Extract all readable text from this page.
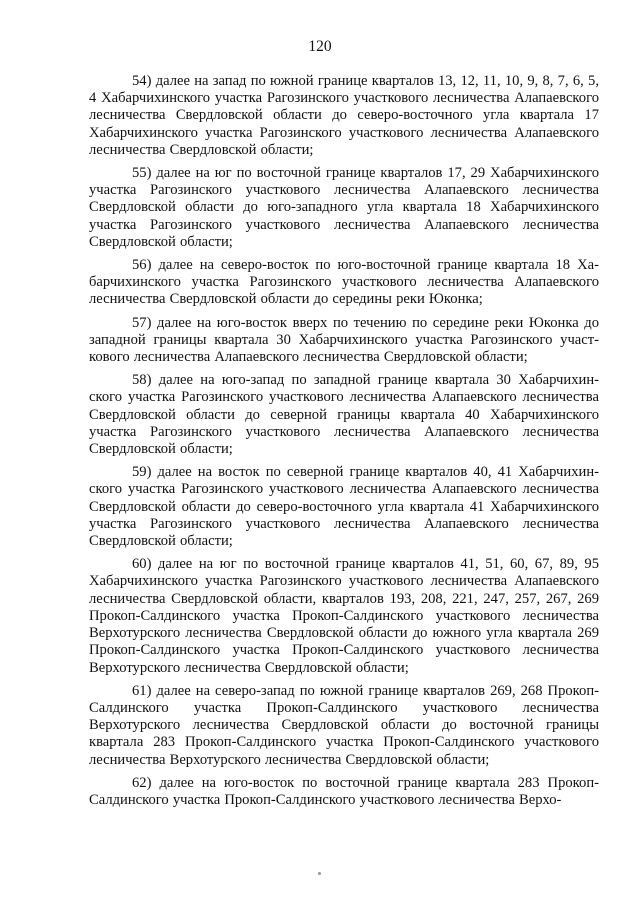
120

54) далее на запад по южной границе кварталов 13, 12, 11, 10, 9, 8, 7, 6, 5, 4 Хабарчихинского участка Рагозинского участкового лесничества Алапаевского лесничества Свердловской области до северо-восточного угла квартала 17 Хабарчихинского участка Рагозинского участкового лесничества Алапаевского лесничества Свердловской области;

55) далее на юг по восточной границе кварталов 17, 29 Хабарчихинского участка Рагозинского участкового лесничества Алапаевского лесничества Свердловской области до юго-западного угла квартала 18 Хабарчихинского участка Рагозинского участкового лесничества Алапаевского лесничества Свердловской области;

56) далее на северо-восток по юго-восточной границе квартала 18 Хабарчихинского участка Рагозинского участкового лесничества Алапаевского лесничества Свердловской области до середины реки Юконка;

57) далее на юго-восток вверх по течению по середине реки Юконка до западной границы квартала 30 Хабарчихинского участка Рагозинского участкового лесничества Алапаевского лесничества Свердловской области;

58) далее на юго-запад по западной границе квартала 30 Хабарчихинского участка Рагозинского участкового лесничества Алапаевского лесничества Свердловской области до северной границы квартала 40 Хабарчихинского участка Рагозинского участкового лесничества Алапаевского лесничества Свердловской области;

59) далее на восток по северной границе кварталов 40, 41 Хабарчихинского участка Рагозинского участкового лесничества Алапаевского лесничества Свердловской области до северо-восточного угла квартала 41 Хабарчихинского участка Рагозинского участкового лесничества Алапаевского лесничества Свердловской области;

60) далее на юг по восточной границе кварталов 41, 51, 60, 67, 89, 95 Хабарчихинского участка Рагозинского участкового лесничества Алапаевского лесничества Свердловской области, кварталов 193, 208, 221, 247, 257, 267, 269 Прокоп-Салдинского участка Прокоп-Салдинского участкового лесничества Верхотурского лесничества Свердловской области до южного угла квартала 269 Прокоп-Салдинского участка Прокоп-Салдинского участкового лесничества Верхотурского лесничества Свердловской области;

61) далее на северо-запад по южной границе кварталов 269, 268 Прокоп-Салдинского участка Прокоп-Салдинского участкового лесничества Верхотурского лесничества Свердловской области до восточной границы квартала 283 Прокоп-Салдинского участка Прокоп-Салдинского участкового лесничества Верхотурского лесничества Свердловской области;

62) далее на юго-восток по восточной границе квартала 283 Прокоп-Салдинского участка Прокоп-Салдинского участкового лесничества Верхо-
